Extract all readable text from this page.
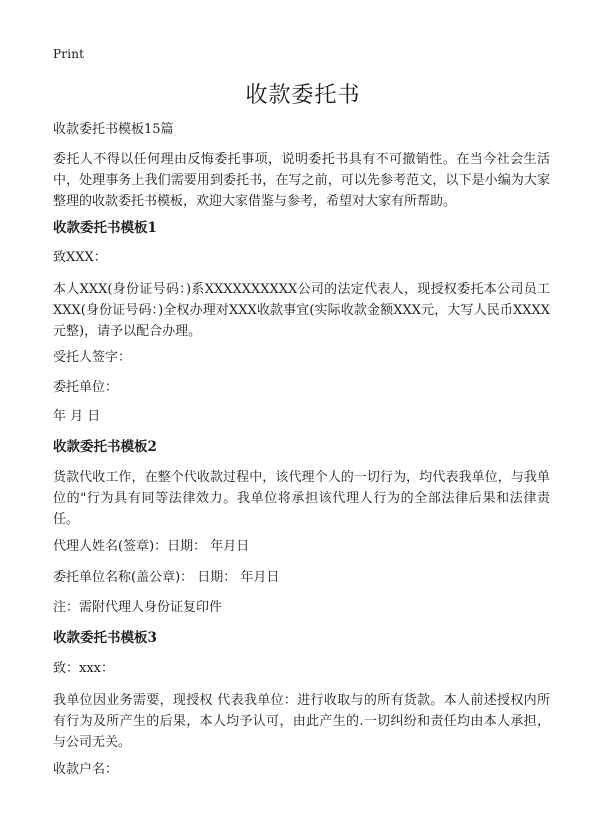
Print
收款委托书
收款委托书模板15篇
委托人不得以任何理由反悔委托事项，说明委托书具有不可撤销性。在当今社会生活中，处理事务上我们需要用到委托书，在写之前，可以先参考范文，以下是小编为大家整理的收款委托书模板，欢迎大家借鉴与参考，希望对大家有所帮助。
收款委托书模板1
致XXX：
本人XXX(身份证号码：)系XXXXXXXXXX公司的法定代表人，现授权委托本公司员工XXX(身份证号码：)全权办理对XXX收款事宜(实际收款金额XXX元，大写人民币XXXX元整)，请予以配合办理。
受托人签字：
委托单位：
年 月 日
收款委托书模板2
货款代收工作，在整个代收款过程中，该代理个人的一切行为，均代表我单位，与我单位的"行为具有同等法律效力。我单位将承担该代理人行为的全部法律后果和法律责任。
代理人姓名(签章)：日期： 年月日
委托单位名称(盖公章)： 日期： 年月日
注：需附代理人身份证复印件
收款委托书模板3
致：xxx：
我单位因业务需要，现授权 代表我单位：进行收取与的所有货款。本人前述授权内所有行为及所产生的后果，本人均予认可，由此产生的.一切纠纷和责任均由本人承担，与公司无关。
收款户名：
